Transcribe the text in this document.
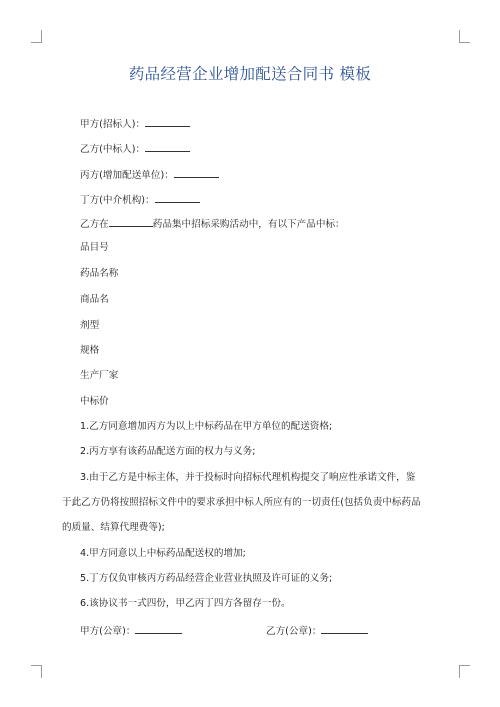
药品经营企业增加配送合同书 模板
甲方(招标人)：
乙方(中标人)：
丙方(增加配送单位)：
丁方(中介机构)：
乙方在	药品集中招标采购活动中，有以下产品中标：
品目号
药品名称
商品名
剂型
规格
生产厂家
中标价
1.乙方同意增加丙方为以上中标药品在甲方单位的配送资格;
2.丙方享有该药品配送方面的权力与义务;
3.由于乙方是中标主体，并于投标时向招标代理机构提交了响应性承诺文件，鉴
于此乙方仍将按照招标文件中的要求承担中标人所应有的一切责任(包括负责中标药品
的质量、结算代理费等);
4.甲方同意以上中标药品配送权的增加;
5.丁方仅负审核丙方药品经营企业营业执照及许可证的义务;
6.该协议书一式四份，甲乙丙丁四方各留存一份。
甲方(公章)：	乙方(公章)：
